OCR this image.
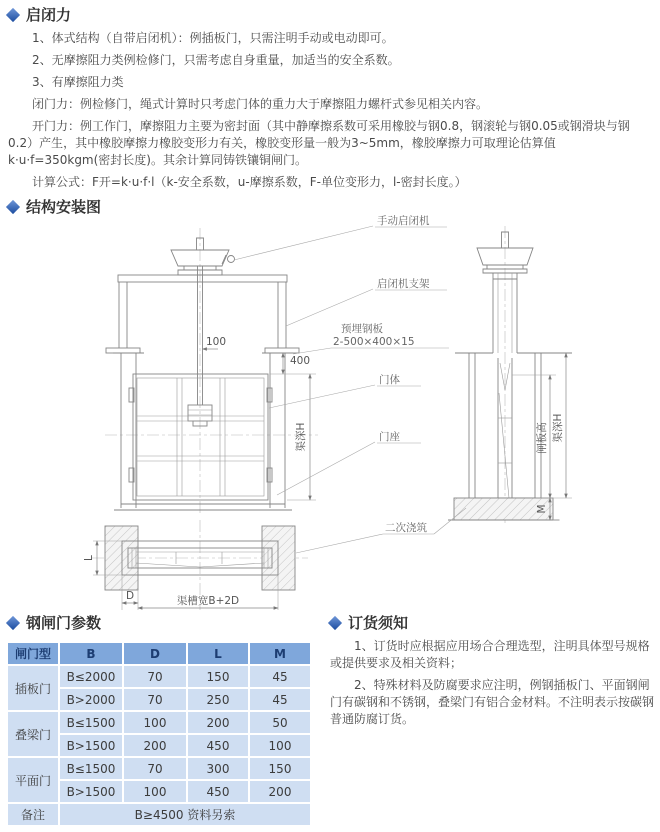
启闭力

1、体式结构（自带启闭机）：例插板门，只需注明手动或电动即可。

2、无摩擦阻力类例检修门，只需考虑自身重量，加适当的安全系数。

3、有摩擦阻力类

闭门力：例检修门，绳式计算时只考虑门体的重力大于摩擦阻力螺杆式参见相关内容。

开门力：例工作门，摩擦阻力主要为密封面（其中静摩擦系数可采用橡胶与钢0.8，钢滚轮与钢0.05或钢滑块与钢0.2）产生，其中橡胶摩擦力橡胶变形力有关，橡胶变形量一般为3~5mm，橡胶摩擦力可取理论估算值k·u·f=350kgm(密封长度)。其余计算同铸铁镶铜闸门。

计算公式：F开=k·u·f·l（k-安全系数，u-摩擦系数，F-单位变形力，l-密封长度。）

结构安装图
100
400
渠深H	闸板高 渠深H
M
L
D	渠槽宽B+2D
手动启闭机
启闭机支架
预埋钢板
2-500×400×15
门体
门座
二次浇筑
钢闸门参数
闸门型	B	D	L	M
插板门
B≤2000	70	150	45
B>2000	70	250	45
叠梁门
B≤1500	100	200	50
B>1500	200	450	100
平面门
B≤1500	70	300	150
B>1500	100	450	200
备注	B≥4500 资料另索
订货须知

1、订货时应根据应用场合合理选型，注明具体型号规格或提供要求及相关资料；

2、特殊材料及防腐要求应注明，例钢插板门、平面钢闸门有碳钢和不锈钢，叠梁门有铝合金材料。不注明表示按碳钢普通防腐订货。
